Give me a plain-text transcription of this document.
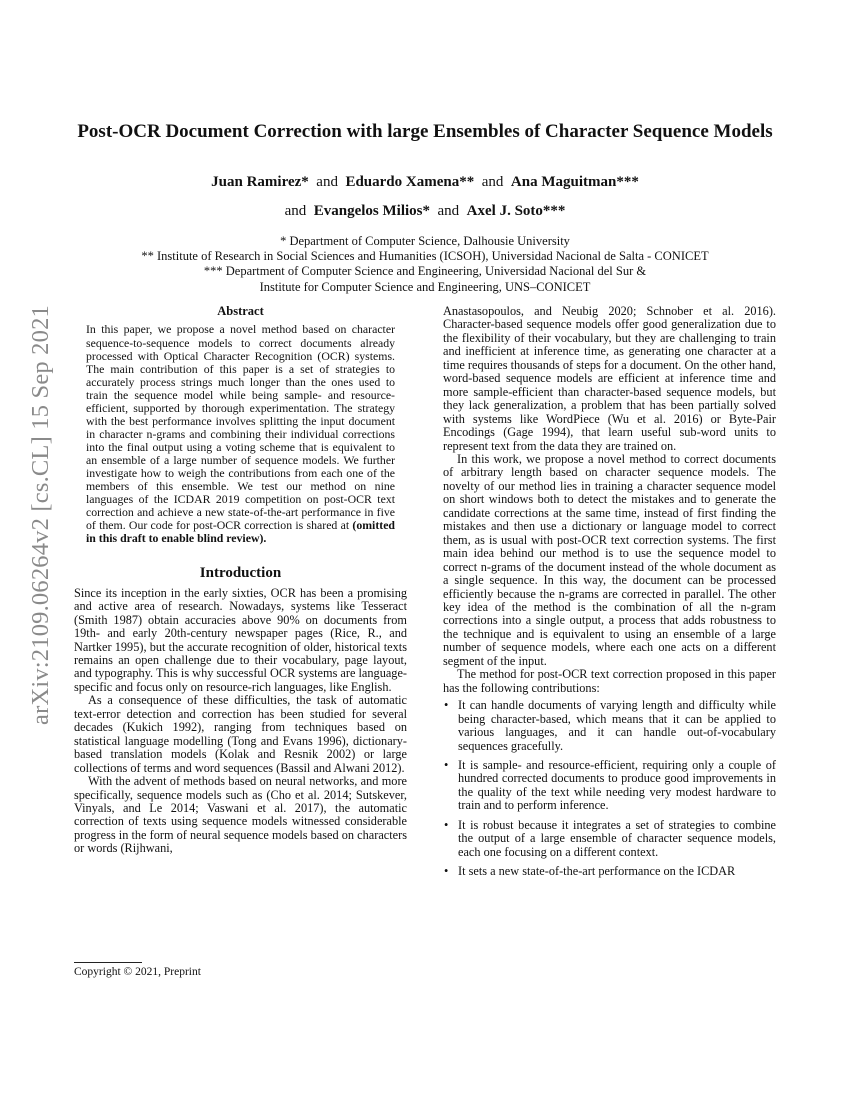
arXiv:2109.06264v2 [cs.CL] 15 Sep 2021
Post-OCR Document Correction with large Ensembles of Character Sequence Models
Juan Ramirez* and Eduardo Xamena** and Ana Maguitman***
and Evangelos Milios* and Axel J. Soto***
* Department of Computer Science, Dalhousie University
** Institute of Research in Social Sciences and Humanities (ICSOH), Universidad Nacional de Salta - CONICET
*** Department of Computer Science and Engineering, Universidad Nacional del Sur &
Institute for Computer Science and Engineering, UNS–CONICET
Abstract

In this paper, we propose a novel method based on character sequence-to-sequence models to correct documents already processed with Optical Character Recognition (OCR) systems. The main contribution of this paper is a set of strategies to accurately process strings much longer than the ones used to train the sequence model while being sample- and resource-efficient, supported by thorough experimentation. The strategy with the best performance involves splitting the input document in character n-grams and combining their individual corrections into the final output using a voting scheme that is equivalent to an ensemble of a large number of sequence models. We further investigate how to weigh the contributions from each one of the members of this ensemble. We test our method on nine languages of the ICDAR 2019 competition on post-OCR text correction and achieve a new state-of-the-art performance in five of them. Our code for post-OCR correction is shared at (omitted in this draft to enable blind review).

Introduction

Since its inception in the early sixties, OCR has been a promising and active area of research. Nowadays, systems like Tesseract (Smith 1987) obtain accuracies above 90% on documents from 19th- and early 20th-century newspaper pages (Rice, R., and Nartker 1995), but the accurate recognition of older, historical texts remains an open challenge due to their vocabulary, page layout, and typography. This is why successful OCR systems are language-specific and focus only on resource-rich languages, like English.

As a consequence of these difficulties, the task of automatic text-error detection and correction has been studied for several decades (Kukich 1992), ranging from techniques based on statistical language modelling (Tong and Evans 1996), dictionary-based translation models (Kolak and Resnik 2002) or large collections of terms and word sequences (Bassil and Alwani 2012).

With the advent of methods based on neural networks, and more specifically, sequence models such as (Cho et al. 2014; Sutskever, Vinyals, and Le 2014; Vaswani et al. 2017), the automatic correction of texts using sequence models witnessed considerable progress in the form of neural sequence models based on characters or words (Rijhwani,

Anastasopoulos, and Neubig 2020; Schnober et al. 2016). Character-based sequence models offer good generalization due to the flexibility of their vocabulary, but they are challenging to train and inefficient at inference time, as generating one character at a time requires thousands of steps for a document. On the other hand, word-based sequence models are efficient at inference time and more sample-efficient than character-based sequence models, but they lack generalization, a problem that has been partially solved with systems like WordPiece (Wu et al. 2016) or Byte-Pair Encodings (Gage 1994), that learn useful sub-word units to represent text from the data they are trained on.

In this work, we propose a novel method to correct documents of arbitrary length based on character sequence models. The novelty of our method lies in training a character sequence model on short windows both to detect the mistakes and to generate the candidate corrections at the same time, instead of first finding the mistakes and then use a dictionary or language model to correct them, as is usual with post-OCR text correction systems. The first main idea behind our method is to use the sequence model to correct n-grams of the document instead of the whole document as a single sequence. In this way, the document can be processed efficiently because the n-grams are corrected in parallel. The other key idea of the method is the combination of all the n-gram corrections into a single output, a process that adds robustness to the technique and is equivalent to using an ensemble of a large number of sequence models, where each one acts on a different segment of the input.

The method for post-OCR text correction proposed in this paper has the following contributions:

• It can handle documents of varying length and difficulty while being character-based, which means that it can be applied to various languages, and it can handle out-of-vocabulary sequences gracefully.
• It is sample- and resource-efficient, requiring only a couple of hundred corrected documents to produce good improvements in the quality of the text while needing very modest hardware to train and to perform inference.
• It is robust because it integrates a set of strategies to combine the output of a large ensemble of character sequence models, each one focusing on a different context.
• It sets a new state-of-the-art performance on the ICDAR
Copyright © 2021, Preprint
